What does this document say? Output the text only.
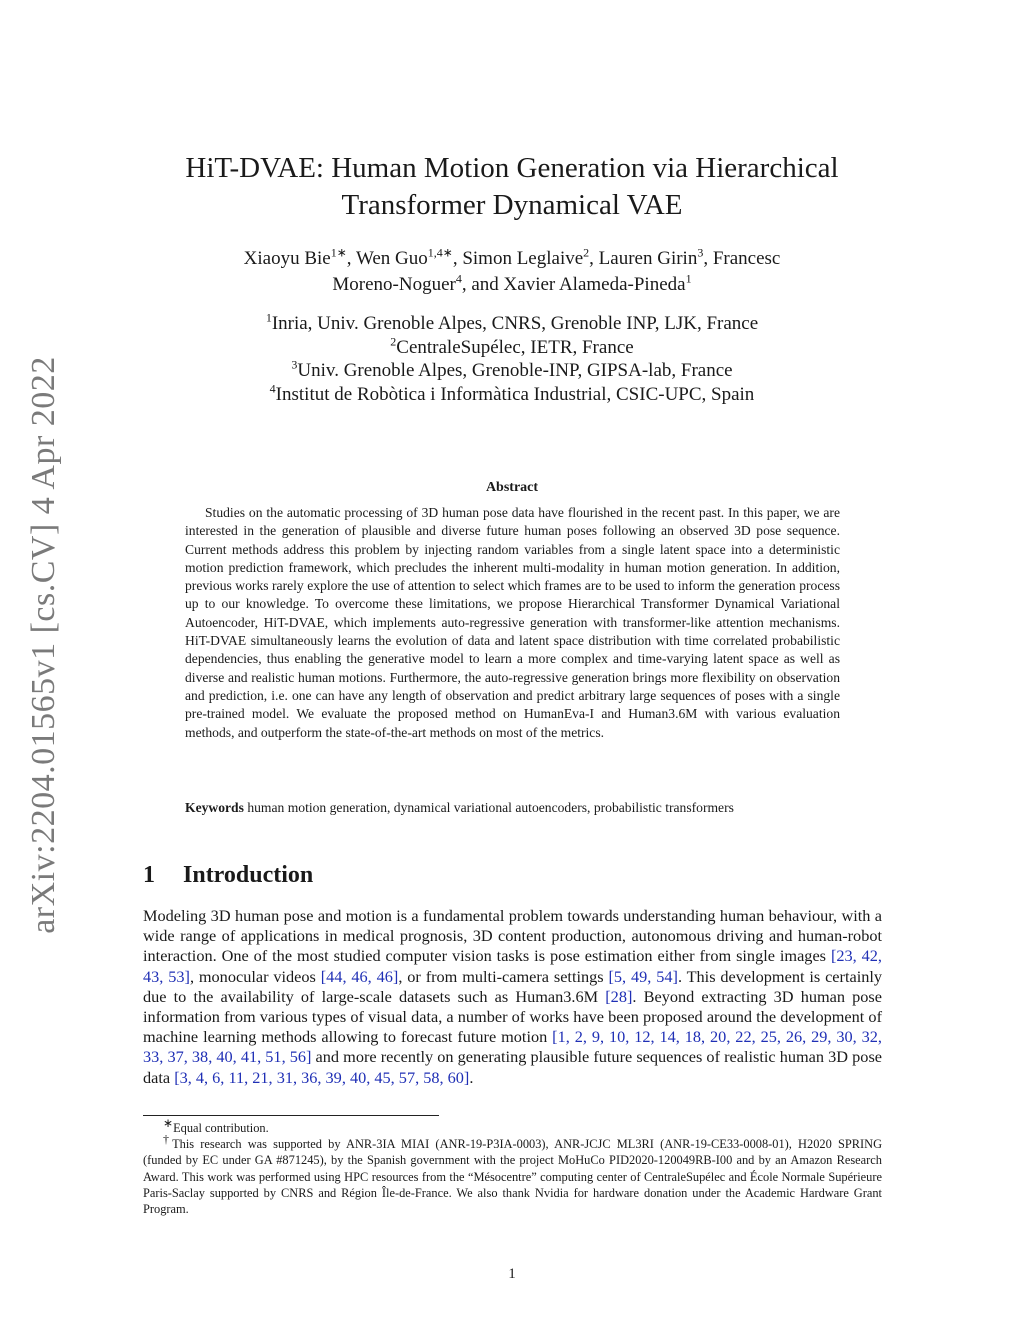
arXiv:2204.01565v1 [cs.CV] 4 Apr 2022
HiT-DVAE: Human Motion Generation via Hierarchical
Transformer Dynamical VAE
Xiaoyu Bie$^{1∗}$, Wen Guo$^{1,4∗}$, Simon Leglaive$^2$, Lauren Girin$^3$, Francesc
Moreno-Noguer$^4$, and Xavier Alameda-Pineda$^1$
$^1$Inria, Univ. Grenoble Alpes, CNRS, Grenoble INP, LJK, France
$^2$CentraleSupélec, IETR, France
$^3$Univ. Grenoble Alpes, Grenoble-INP, GIPSA-lab, France
$^4$Institut de Robòtica i Informàtica Industrial, CSIC-UPC, Spain
Abstract

Studies on the automatic processing of 3D human pose data have flourished in the recent past. In this paper, we are interested in the generation of plausible and diverse future human poses following an observed 3D pose sequence. Current methods address this problem by injecting random variables from a single latent space into a deterministic motion prediction framework, which precludes the inherent multi-modality in human motion generation. In addition, previous works rarely explore the use of attention to select which frames are to be used to inform the generation process up to our knowledge. To overcome these limitations, we propose Hierarchical Transformer Dynamical Variational Autoencoder, HiT-DVAE, which implements auto-regressive generation with transformer-like attention mechanisms. HiT-DVAE simultaneously learns the evolution of data and latent space distribution with time correlated probabilistic dependencies, thus enabling the generative model to learn a more complex and time-varying latent space as well as diverse and realistic human motions. Furthermore, the auto-regressive generation brings more flexibility on observation and prediction, i.e. one can have any length of observation and predict arbitrary large sequences of poses with a single pre-trained model. We evaluate the proposed method on HumanEva-I and Human3.6M with various evaluation methods, and outperform the state-of-the-art methods on most of the metrics.

Keywords human motion generation, dynamical variational autoencoders, probabilistic transformers

1 Introduction

Modeling 3D human pose and motion is a fundamental problem towards understanding human behaviour, with a wide range of applications in medical prognosis, 3D content production, autonomous driving and human-robot interaction. One of the most studied computer vision tasks is pose estimation either from single images [23, 42, 43, 53], monocular videos [44, 46, 46], or from multi-camera settings [5, 49, 54]. This development is certainly due to the availability of large-scale datasets such as Human3.6M [28]. Beyond extracting 3D human pose information from various types of visual data, a number of works have been proposed around the development of machine learning methods allowing to forecast future motion [1, 2, 9, 10, 12, 14, 18, 20, 22, 25, 26, 29, 30, 32, 33, 37, 38, 40, 41, 51, 56] and more recently on generating plausible future sequences of realistic human 3D pose data [3, 4, 6, 11, 21, 31, 36, 39, 40, 45, 57, 58, 60].

∗Equal contribution.

†This research was supported by ANR-3IA MIAI (ANR-19-P3IA-0003), ANR-JCJC ML3RI (ANR-19-CE33-0008-01), H2020 SPRING (funded by EC under GA #871245), by the Spanish government with the project MoHuCo PID2020-120049RB-I00 and by an Amazon Research Award. This work was performed using HPC resources from the “Mésocentre” computing center of CentraleSupélec and École Normale Supérieure Paris-Saclay supported by CNRS and Région Île-de-France. We also thank Nvidia for hardware donation under the Academic Hardware Grant Program.

1
